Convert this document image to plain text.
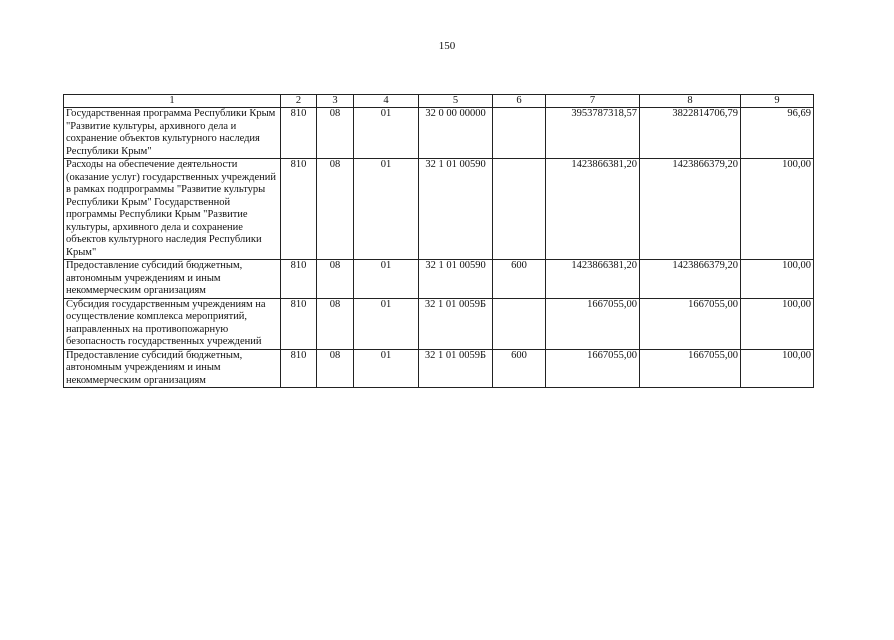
150
1	2	3	4	5	6	7	8	9
Государственная программа Республики Крым "Развитие культуры, архивного дела и сохранение объектов культурного наследия Республики Крым"	810	08	01	32 0 00 00000		3953787318,57	3822814706,79	96,69
Расходы на обеспечение деятельности (оказание услуг) государственных учреждений в рамках подпрограммы "Развитие культуры Республики Крым" Государственной программы Республики Крым "Развитие культуры, архивного дела и сохранение объектов культурного наследия Республики Крым"	810	08	01	32 1 01 00590		1423866381,20	1423866379,20	100,00
Предоставление субсидий бюджетным, автономным учреждениям и иным некоммерческим организациям	810	08	01	32 1 01 00590	600	1423866381,20	1423866379,20	100,00
Субсидия государственным учреждениям на осуществление комплекса мероприятий, направленных на противопожарную безопасность государственных учреждений	810	08	01	32 1 01 0059Б		1667055,00	1667055,00	100,00
Предоставление субсидий бюджетным, автономным учреждениям и иным некоммерческим организациям	810	08	01	32 1 01 0059Б	600	1667055,00	1667055,00	100,00
